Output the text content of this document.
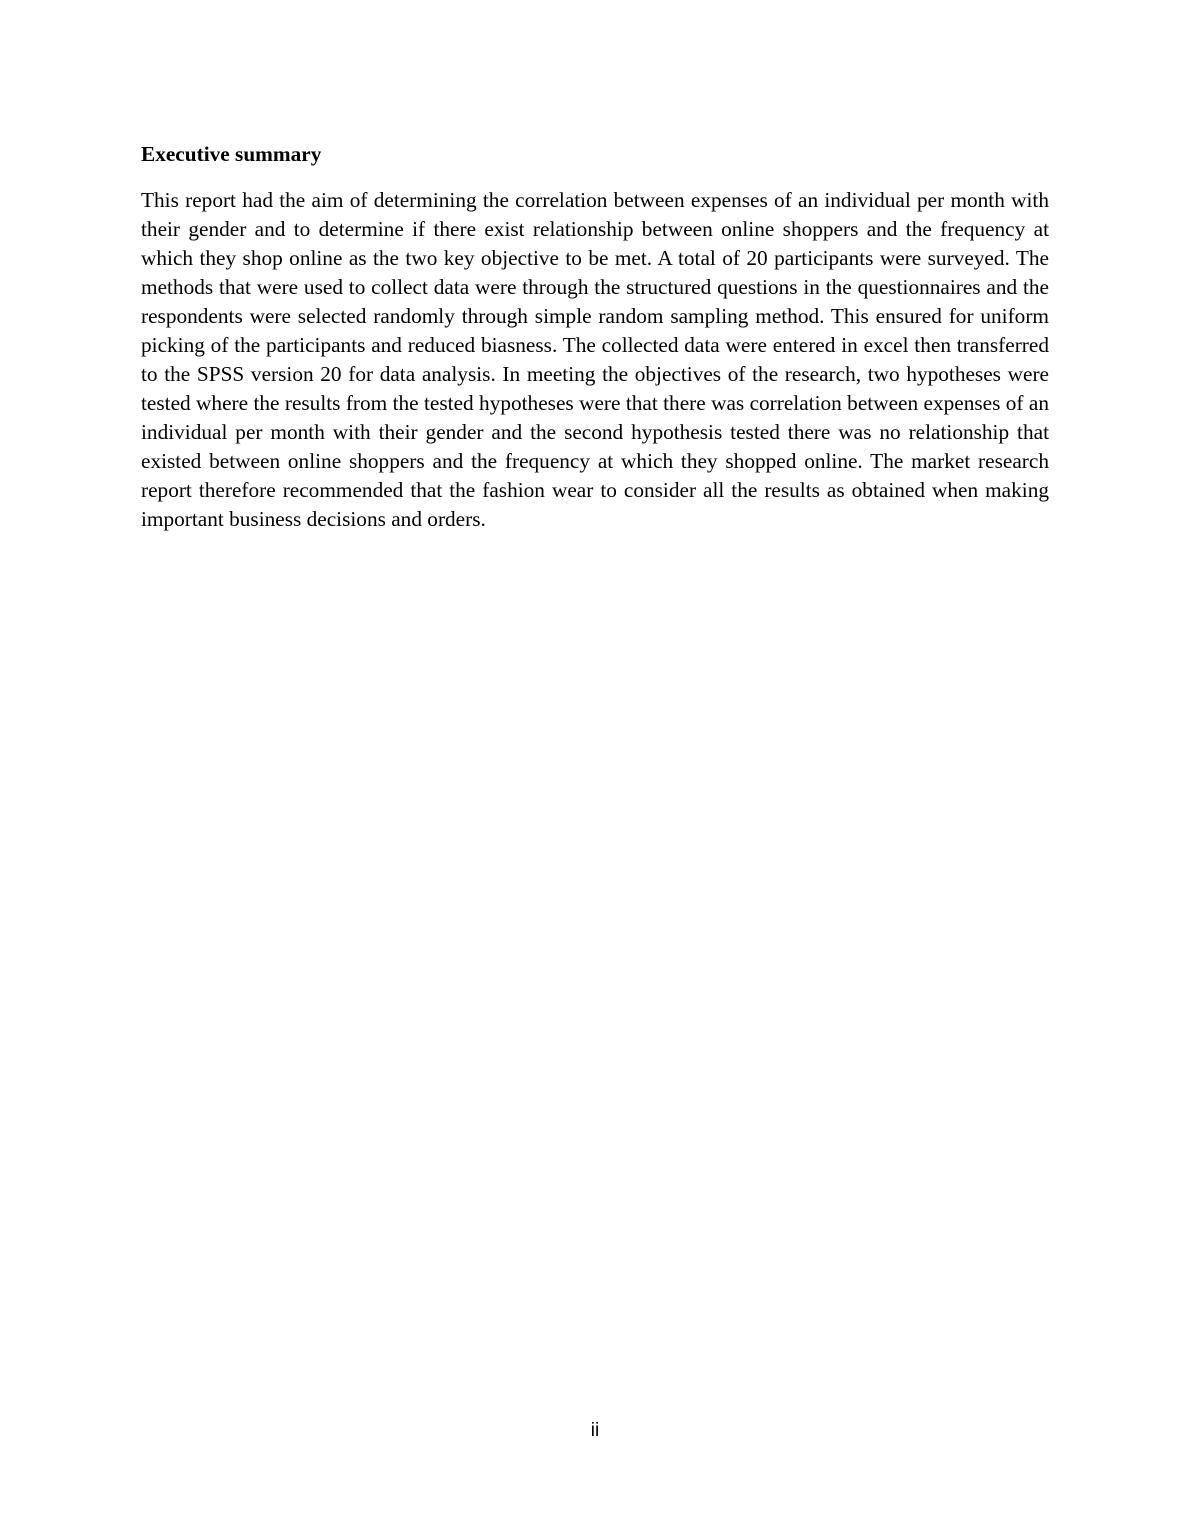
Executive summary

This report had the aim of determining the correlation between expenses of an individual per month with their gender and to determine if there exist relationship between online shoppers and the frequency at which they shop online as the two key objective to be met. A total of 20 participants were surveyed. The methods that were used to collect data were through the structured questions in the questionnaires and the respondents were selected randomly through simple random sampling method. This ensured for uniform picking of the participants and reduced biasness. The collected data were entered in excel then transferred to the SPSS version 20 for data analysis. In meeting the objectives of the research, two hypotheses were tested where the results from the tested hypotheses were that there was correlation between expenses of an individual per month with their gender and the second hypothesis tested there was no relationship that existed between online shoppers and the frequency at which they shopped online. The market research report therefore recommended that the fashion wear to consider all the results as obtained when making important business decisions and orders.

ii
